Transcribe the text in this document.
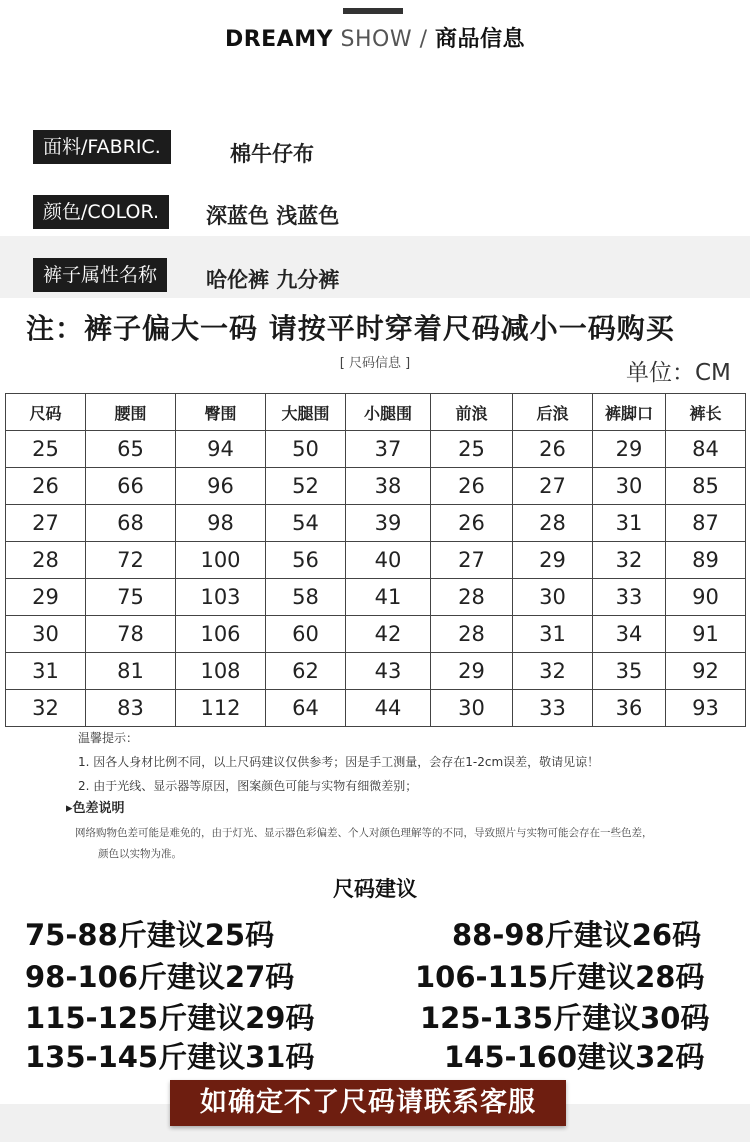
DREAMY SHOW / 商品信息
面料/FABRIC.	棉牛仔布
颜色/COLOR.	深蓝色 浅蓝色
裤子属性名称	哈伦裤 九分裤
注：裤子偏大一码 请按平时穿着尺码减小一码购买
[ 尺码信息 ]	单位：CM
尺码	腰围	臀围	大腿围	小腿围	前浪	后浪	裤脚口	裤长
25	65	94	50	37	25	26	29	84
26	66	96	52	38	26	27	30	85
27	68	98	54	39	26	28	31	87
28	72	100	56	40	27	29	32	89
29	75	103	58	41	28	30	33	90
30	78	106	60	42	28	31	34	91
31	81	108	62	43	29	32	35	92
32	83	112	64	44	30	33	36	93
温馨提示：
1. 因各人身材比例不同，以上尺码建议仅供参考；因是手工测量，会存在1-2cm误差，敬请见谅！
2. 由于光线、显示器等原因，图案颜色可能与实物有细微差别；
▸色差说明
网络购物色差可能是难免的，由于灯光、显示器色彩偏差、个人对颜色理解等的不同，导致照片与实物可能会存在一些色差，
颜色以实物为准。
尺码建议
75-88斤建议25码	88-98斤建议26码
98-106斤建议27码	106-115斤建议28码
115-125斤建议29码	125-135斤建议30码
135-145斤建议31码	145-160建议32码
如确定不了尺码请联系客服
